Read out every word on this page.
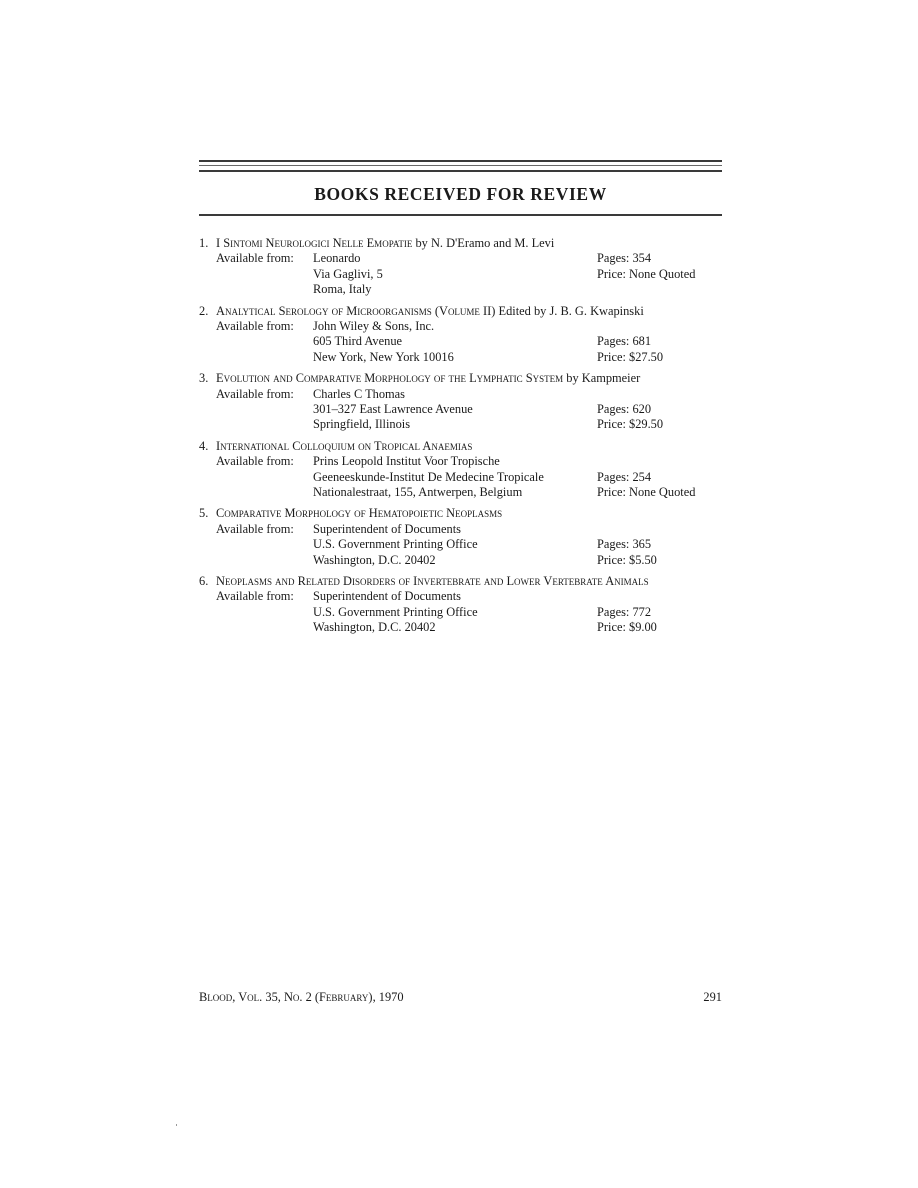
BOOKS RECEIVED FOR REVIEW
1. I Sintomi Neurologici Nelle Emopatie by N. D'Eramo and M. Levi
Available from: Leonardo	Pages: 354
Via Gaglivi, 5	Price: None Quoted
Roma, Italy
2. Analytical Serology of Microorganisms (Volume II) Edited by J. B. G. Kwapinski
Available from: John Wiley & Sons, Inc.
605 Third Avenue	Pages: 681
New York, New York 10016	Price: $27.50
3. Evolution and Comparative Morphology of the Lymphatic System by Kampmeier
Available from: Charles C Thomas
301–327 East Lawrence Avenue	Pages: 620
Springfield, Illinois	Price: $29.50
4. International Colloquium on Tropical Anaemias
Available from: Prins Leopold Institut Voor Tropische
Geeneeskunde-Institut De Medecine Tropicale	Pages: 254
Nationalestraat, 155, Antwerpen, Belgium	Price: None Quoted
5. Comparative Morphology of Hematopoietic Neoplasms
Available from: Superintendent of Documents
U.S. Government Printing Office	Pages: 365
Washington, D.C. 20402	Price: $5.50
6. Neoplasms and Related Disorders of Invertebrate and Lower Vertebrate Animals
Available from: Superintendent of Documents
U.S. Government Printing Office	Pages: 772
Washington, D.C. 20402	Price: $9.00
Blood, Vol. 35, No. 2 (February), 1970	291
